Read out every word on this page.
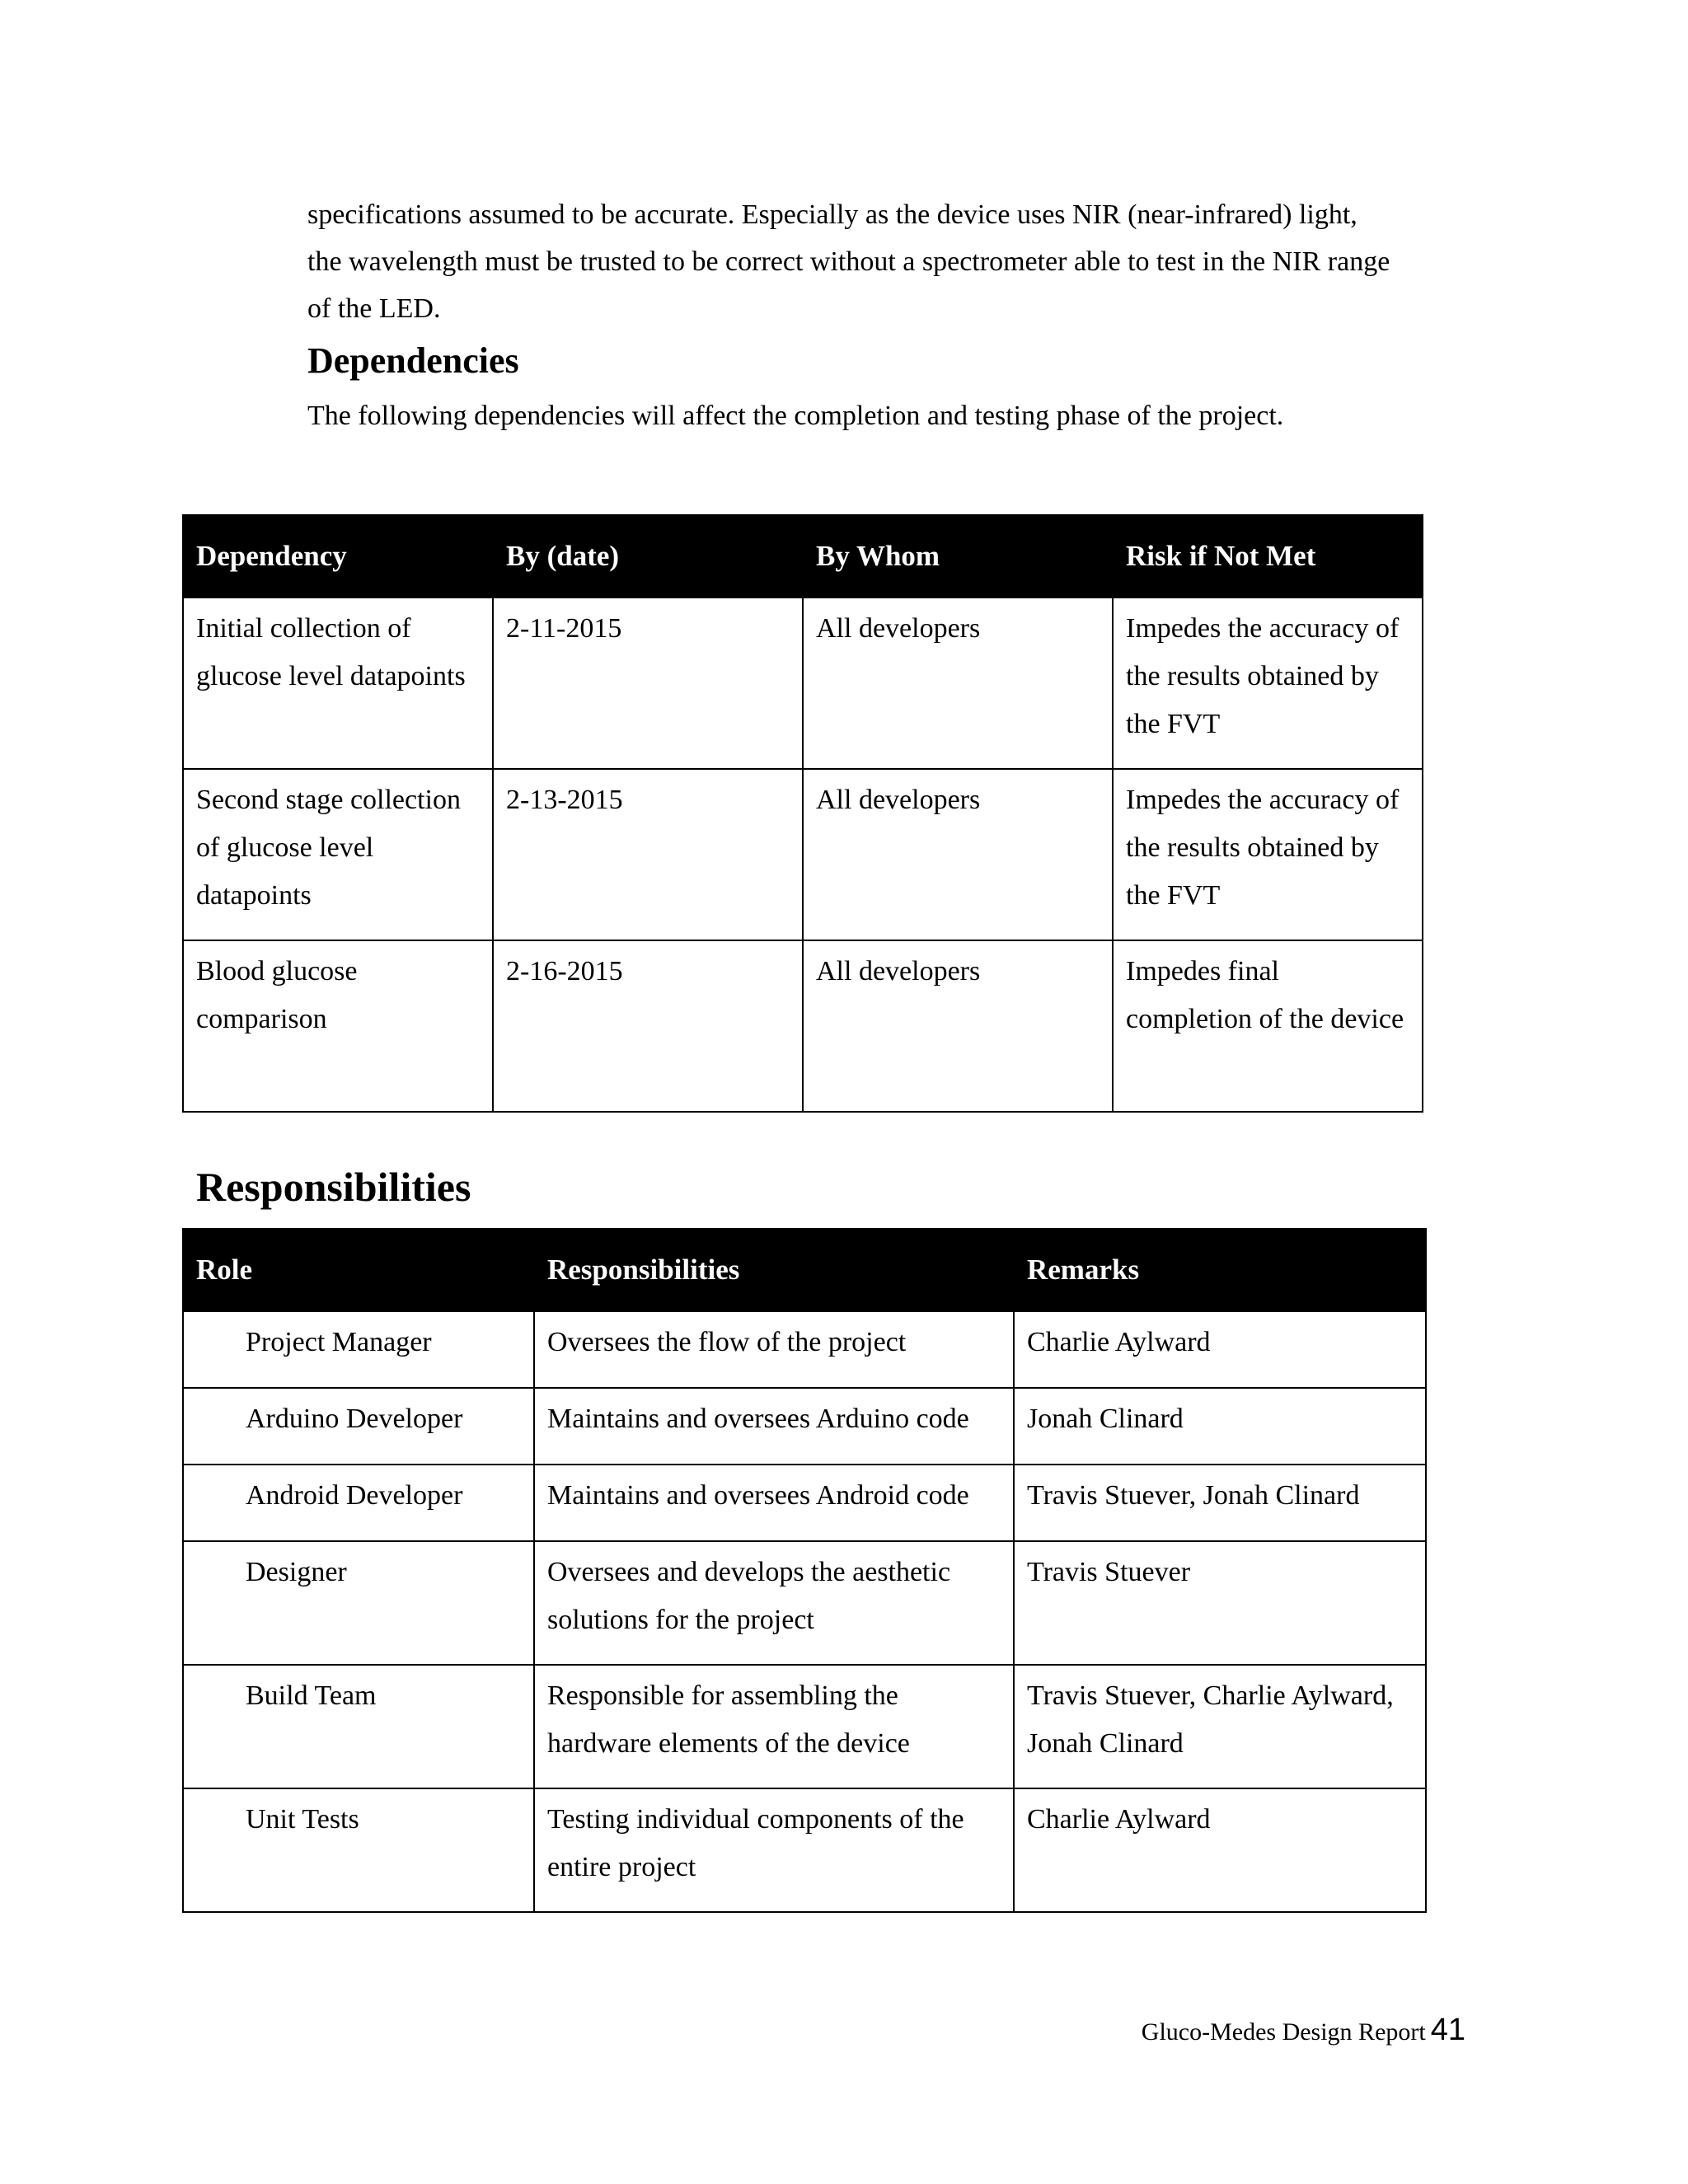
specifications assumed to be accurate. Especially as the device uses NIR (near-infrared) light,

the wavelength must be trusted to be correct without a spectrometer able to test in the NIR range

of the LED.

Dependencies

The following dependencies will affect the completion and testing phase of the project.

Dependency	By (date)	By Whom	Risk if Not Met
Initial collection of glucose level datapoints	2-11-2015	All developers	Impedes the accuracy of the results obtained by the FVT
Second stage collection of glucose level datapoints	2-13-2015	All developers	Impedes the accuracy of the results obtained by the FVT
Blood glucose comparison	2-16-2015	All developers	Impedes final completion of the device
Responsibilities
Role	Responsibilities	Remarks
Project Manager	Oversees the flow of the project	Charlie Aylward
Arduino Developer	Maintains and oversees Arduino code	Jonah Clinard
Android Developer	Maintains and oversees Android code	Travis Stuever, Jonah Clinard
Designer	Oversees and develops the aesthetic solutions for the project	Travis Stuever
Build Team	Responsible for assembling the hardware elements of the device	Travis Stuever, Charlie Aylward, Jonah Clinard
Unit Tests	Testing individual components of the entire project	Charlie Aylward
Gluco-Medes Design Report 41
